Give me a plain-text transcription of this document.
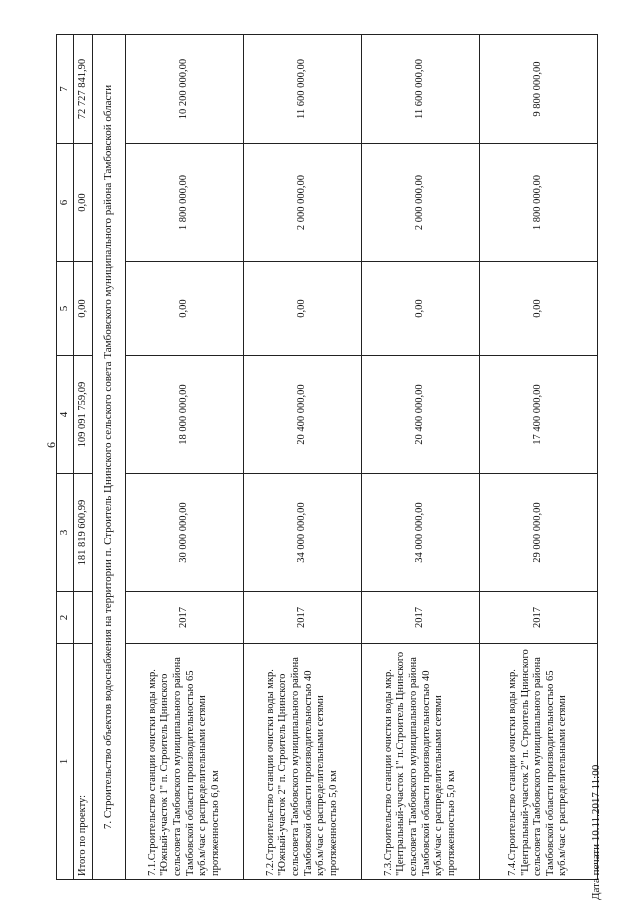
6
1	2	3	4	5	6	7
Итого по проекту:		181 819 600,99	109 091 759,09	0,00	0,00	72 727 841,90
7. Строительство объектов водоснабжения на территории п. Строитель Цнинского сельского совета Тамбовского муниципального района Тамбовской области						
7.1.Строительство станции очистки воды мкр. "Южный-участок 1" п. Строитель Цнинского сельсовета Тамбовского муниципального района Тамбовской области производительностью 65 куб.м/час с распределительными сетями протяженностью 6,0 км	2017	30 000 000,00	18 000 000,00	0,00	1 800 000,00	10 200 000,00
7.2.Строительство станции очистки воды мкр. "Южный-участок 2" п. Строитель Цнинского сельсовета Тамбовского муниципального района Тамбовской области производительностью 40 куб.м/час с распределительными сетями протяженностью 5,0 км	2017	34 000 000,00	20 400 000,00	0,00	2 000 000,00	11 600 000,00
7.3.Строительство станции очистки воды мкр. "Центральный-участок 1" п.Строитель Цнинского сельсовета Тамбовского муниципального района Тамбовской области производительностью 40 куб.м/час с распределительными сетями протяженностью 5,0 км	2017	34 000 000,00	20 400 000,00	0,00	2 000 000,00	11 600 000,00
7.4.Строительство станции очистки воды мкр. "Центральный-участок 2" п. Строитель Цнинского сельсовета Тамбовского муниципального района Тамбовской области производительностью 65 куб.м/час с распределительными сетями	2017	29 000 000,00	17 400 000,00	0,00	1 800 000,00	9 800 000,00
Дата печати 10.11.2017 11:00
